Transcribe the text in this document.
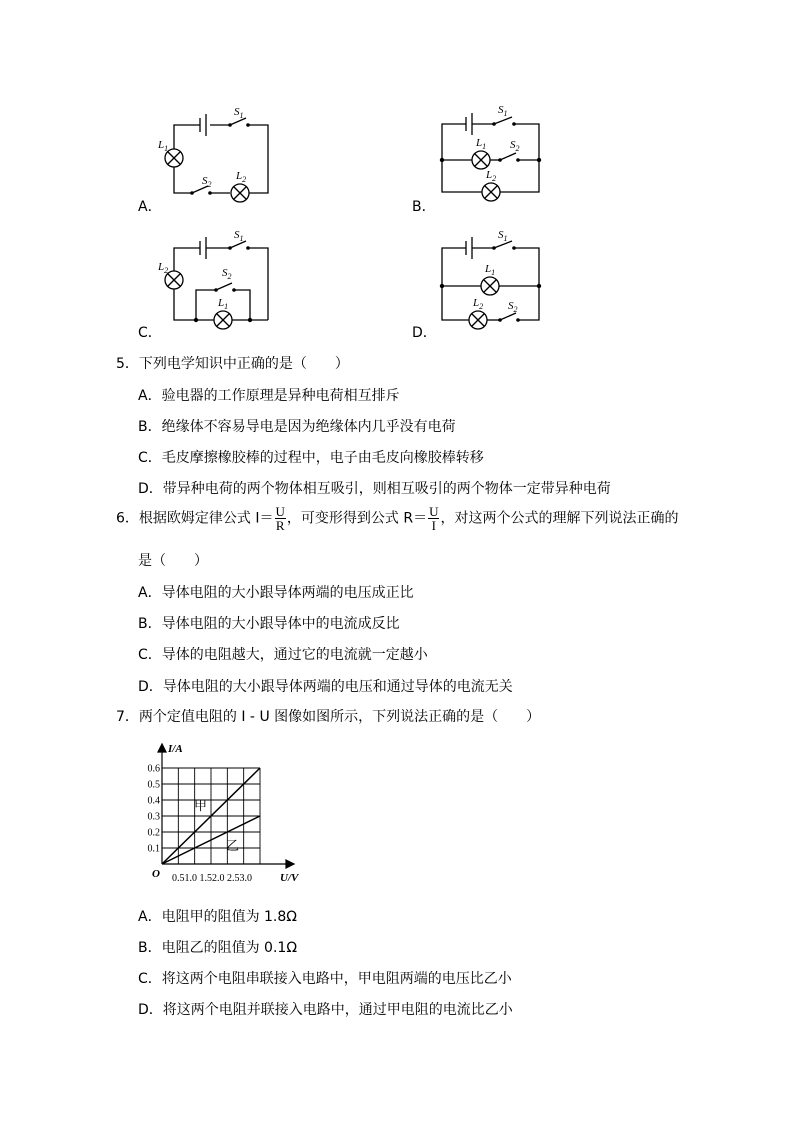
$S_1$
$S_2$
$L_1$
$L_2$
A．
$S_1$
$S_2$
$L_1$
$L_2$
B．
$S_1$
$S_2$
$L_2$
$L_1$
C．
$S_1$
$S_2$
$L_1$
$L_2$
D．
5．下列电学知识中正确的是（　　）
A．验电器的工作原理是异种电荷相互排斥
B．绝缘体不容易导电是因为绝缘体内几乎没有电荷
C．毛皮摩擦橡胶棒的过程中，电子由毛皮向橡胶棒转移
D．带异种电荷的两个物体相互吸引，则相互吸引的两个物体一定带异种电荷
6．根据欧姆定律公式 $I= \frac{U}{R}$ ，可变形得到公式 $R= \frac{U}{I}$ ，对这两个公式的理解下列说法正确的
是（　　）
A．导体电阻的大小跟导体两端的电压成正比
B．导体电阻的大小跟导体中的电流成反比
C．导体的电阻越大，通过它的电流就一定越小
D．导体电阻的大小跟导体两端的电压和通过导体的电流无关
7．两个定值电阻的 I - U 图像如图所示，下列说法正确的是（　　）
0.1
0.2
0.3
0.4
0.5
0.6
I/A
U/V
O 0.51.0 1.52.0 2.53.0
甲
乙
A．电阻甲的阻值为 1.8Ω
B．电阻乙的阻值为 0.1Ω
C．将这两个电阻串联接入电路中，甲电阻两端的电压比乙小
D．将这两个电阻并联接入电路中，通过甲电阻的电流比乙小
